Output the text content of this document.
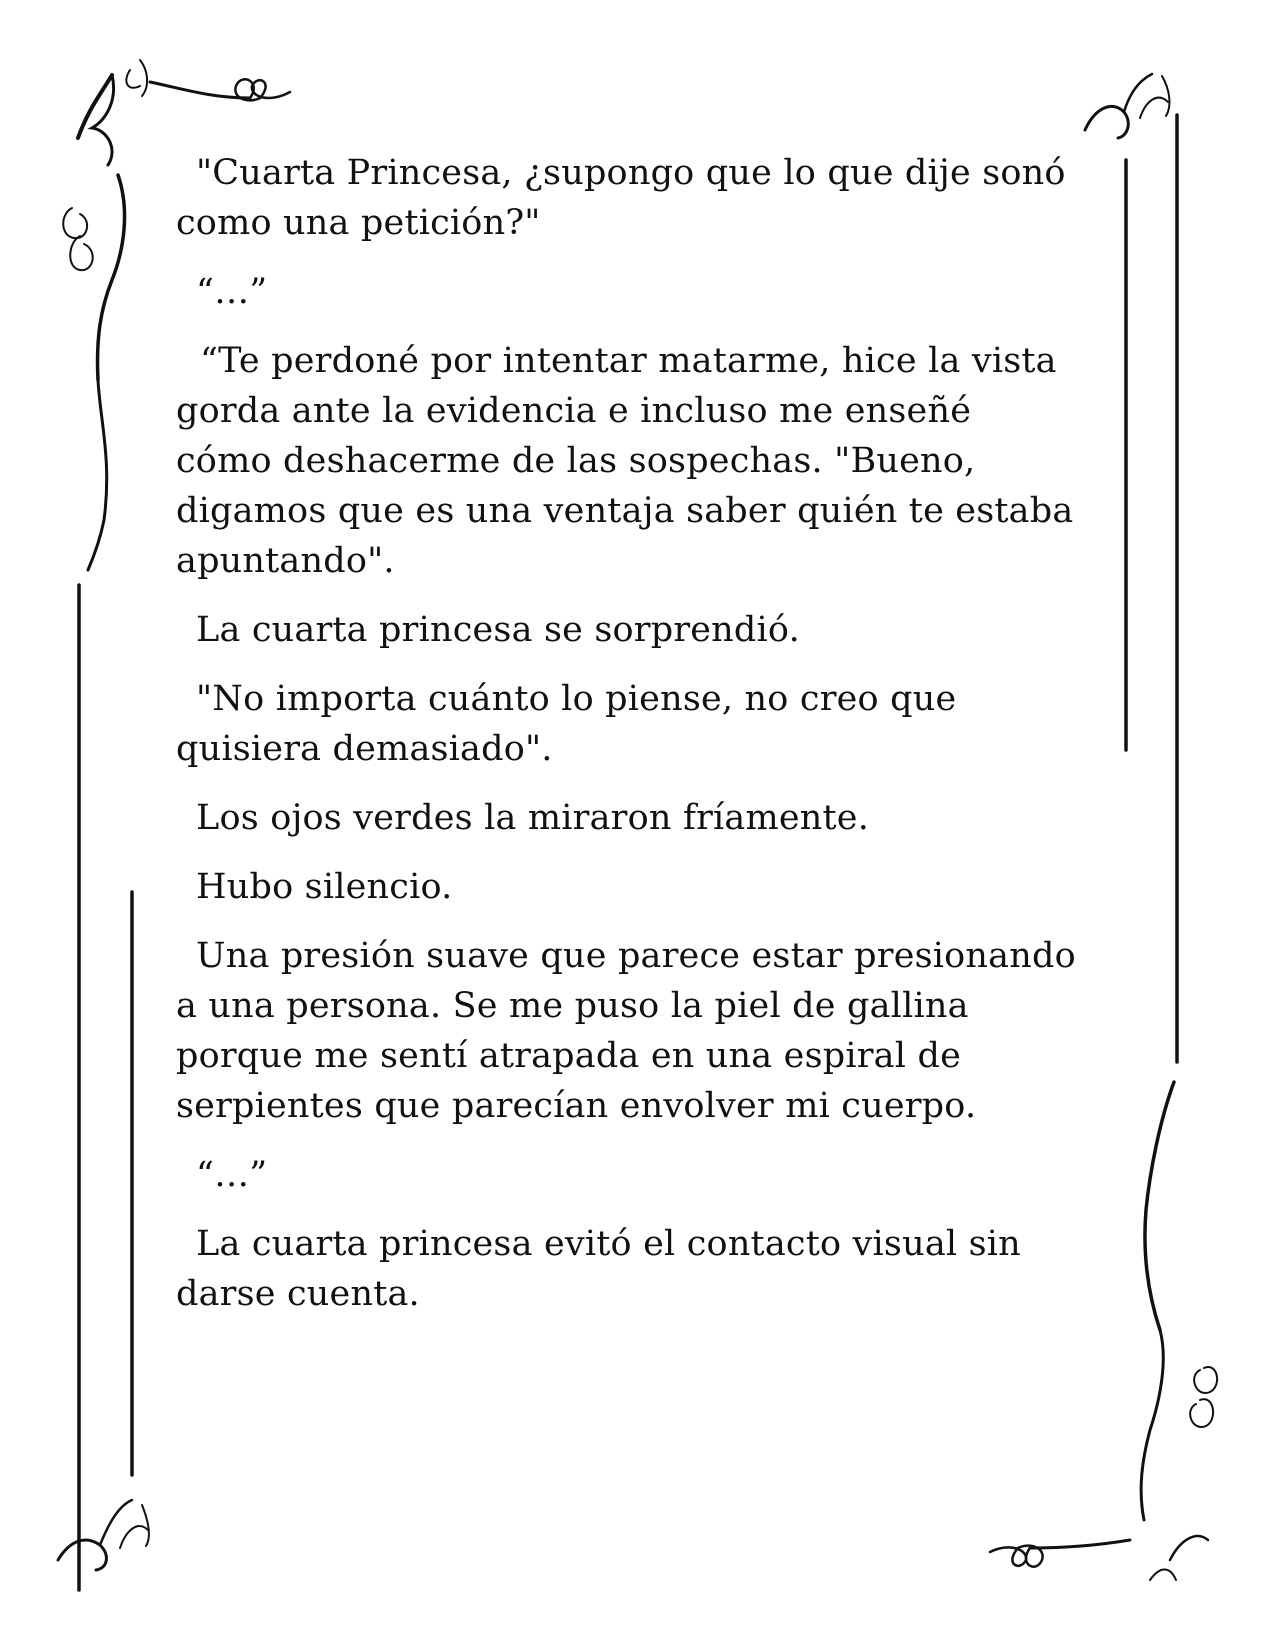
"Cuarta Princesa, ¿supongo que lo que dije sonó como una petición?"

“…”

“Te perdoné por intentar matarme, hice la vista gorda ante la evidencia e incluso me enseñé cómo deshacerme de las sospechas. "Bueno, digamos que es una ventaja saber quién te estaba apuntando".

La cuarta princesa se sorprendió.

"No importa cuánto lo piense, no creo que quisiera demasiado".

Los ojos verdes la miraron fríamente.

Hubo silencio.

Una presión suave que parece estar presionando a una persona. Se me puso la piel de gallina porque me sentí atrapada en una espiral de serpientes que parecían envolver mi cuerpo.

“…”

La cuarta princesa evitó el contacto visual sin darse cuenta.
